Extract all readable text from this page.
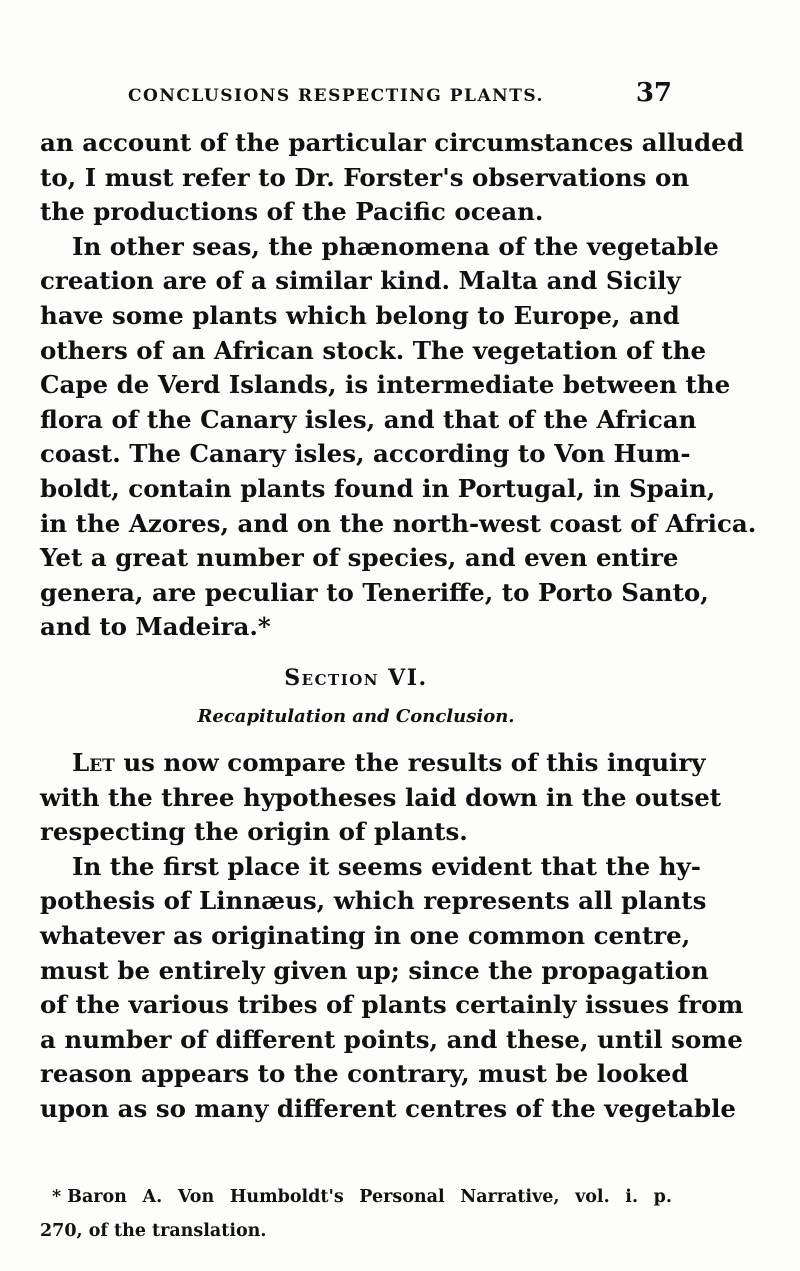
CONCLUSIONS RESPECTING PLANTS.	37
an account of the particular circumstances alluded
to, I must refer to Dr. Forster's observations on
the productions of the Pacific ocean.
In other seas, the phænomena of the vegetable
creation are of a similar kind. Malta and Sicily
have some plants which belong to Europe, and
others of an African stock. The vegetation of the
Cape de Verd Islands, is intermediate between the
flora of the Canary isles, and that of the African
coast. The Canary isles, according to Von Hum-
boldt, contain plants found in Portugal, in Spain,
in the Azores, and on the north-west coast of Africa.
Yet a great number of species, and even entire
genera, are peculiar to Teneriffe, to Porto Santo,
and to Madeira.*
Section VI.
Recapitulation and Conclusion.
Let us now compare the results of this inquiry
with the three hypotheses laid down in the outset
respecting the origin of plants.
In the first place it seems evident that the hy-
pothesis of Linnæus, which represents all plants
whatever as originating in one common centre,
must be entirely given up; since the propagation
of the various tribes of plants certainly issues from
a number of different points, and these, until some
reason appears to the contrary, must be looked
upon as so many different centres of the vegetable
* Baron A. Von Humboldt's Personal Narrative, vol. i. p.
270, of the translation.
